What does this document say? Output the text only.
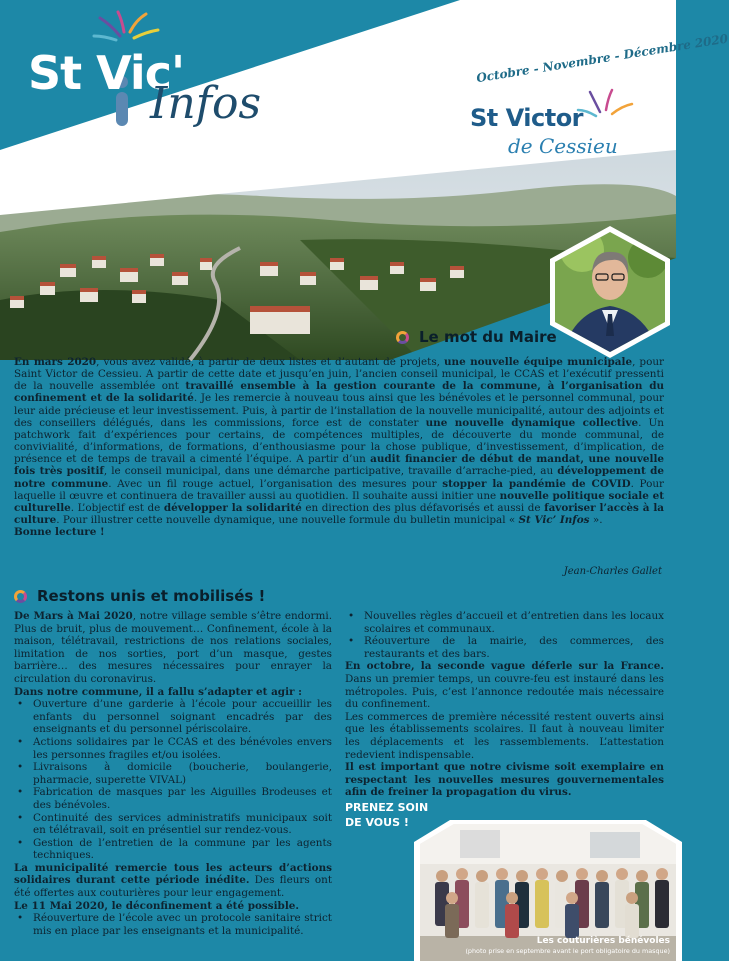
Octobre - Novembre - Décembre 2020
St Vic'
Infos	St Victor
de Cessieu
Le mot du Maire

En mars 2020, vous avez validé, à partir de deux listes et d’autant de projets, une nouvelle équipe municipale, pour Saint Victor de Cessieu. A partir de cette date et jusqu’en juin, l’ancien conseil municipal, le CCAS et l’exécutif pressenti de la nouvelle assemblée ont travaillé ensemble à la gestion courante de la commune, à l’organisation du confinement et de la solidarité. Je les remercie à nouveau tous ainsi que les bénévoles et le personnel communal, pour leur aide précieuse et leur investissement. Puis, à partir de l’installation de la nouvelle municipalité, autour des adjoints et des conseillers délégués, dans les commissions, force est de constater une nouvelle dynamique collective. Un patchwork fait d’expériences pour certains, de compétences multiples, de découverte du monde communal, de convivialité, d’informations, de formations, d’enthousiasme pour la chose publique, d’investissement, d’implication, de présence et de temps de travail a cimenté l’équipe. A partir d’un audit financier de début de mandat, une nouvelle fois très positif, le conseil municipal, dans une démarche participative, travaille d’arrache-pied, au développement de notre commune. Avec un fil rouge actuel, l’organisation des mesures pour stopper la pandémie de COVID. Pour laquelle il œuvre et continuera de travailler aussi au quotidien. Il souhaite aussi initier une nouvelle politique sociale et culturelle. L’objectif est de développer la solidarité en direction des plus défavorisés et aussi de favoriser l’accès à la culture. Pour illustrer cette nouvelle dynamique, une nouvelle formule du bulletin municipal « St Vic’ Infos ».

Bonne lecture !

Jean-Charles Gallet
Restons unis et mobilisés !

De Mars à Mai 2020, notre village semble s’être endormi. Plus de bruit, plus de mouvement… Confinement, école à la maison, télétravail, restrictions de nos relations sociales, limitation de nos sorties, port d’un masque, gestes barrière… des mesures nécessaires pour enrayer la circulation du coronavirus.

Dans notre commune, il a fallu s’adapter et agir :

• Ouverture d’une garderie à l’école pour accueillir les enfants du personnel soignant encadrés par des enseignants et du personnel périscolaire.
• Actions solidaires par le CCAS et des bénévoles envers les personnes fragiles et/ou isolées.
• Livraisons à domicile (boucherie, boulangerie, pharmacie, superette VIVAL)
• Fabrication de masques par les Aiguilles Brodeuses et des bénévoles.
• Continuité des services administratifs municipaux soit en télétravail, soit en présentiel sur rendez-vous.
• Gestion de l’entretien de la commune par les agents techniques.

La municipalité remercie tous les acteurs d’actions solidaires durant cette période inédite. Des fleurs ont été offertes aux couturières pour leur engagement.

Le 11 Mai 2020, le déconfinement a été possible.

• Réouverture de l’école avec un protocole sanitaire strict mis en place par les enseignants et la municipalité.
• Nouvelles règles d’accueil et d’entretien dans les locaux scolaires et communaux.
• Réouverture de la mairie, des commerces, des restaurants et des bars.

En octobre, la seconde vague déferle sur la France. Dans un premier temps, un couvre-feu est instauré dans les métropoles. Puis, c’est l’annonce redoutée mais nécessaire du confinement.

Les commerces de première nécessité restent ouverts ainsi que les établissements scolaires. Il faut à nouveau limiter les déplacements et les rassemblements. L’attestation redevient indispensable.

Il est important que notre civisme soit exemplaire en respectant les nouvelles mesures gouvernementales afin de freiner la propagation du virus.

PRENEZ SOIN
DE VOUS !
Les couturières bénévoles
(photo prise en septembre avant le port obligatoire du masque)
